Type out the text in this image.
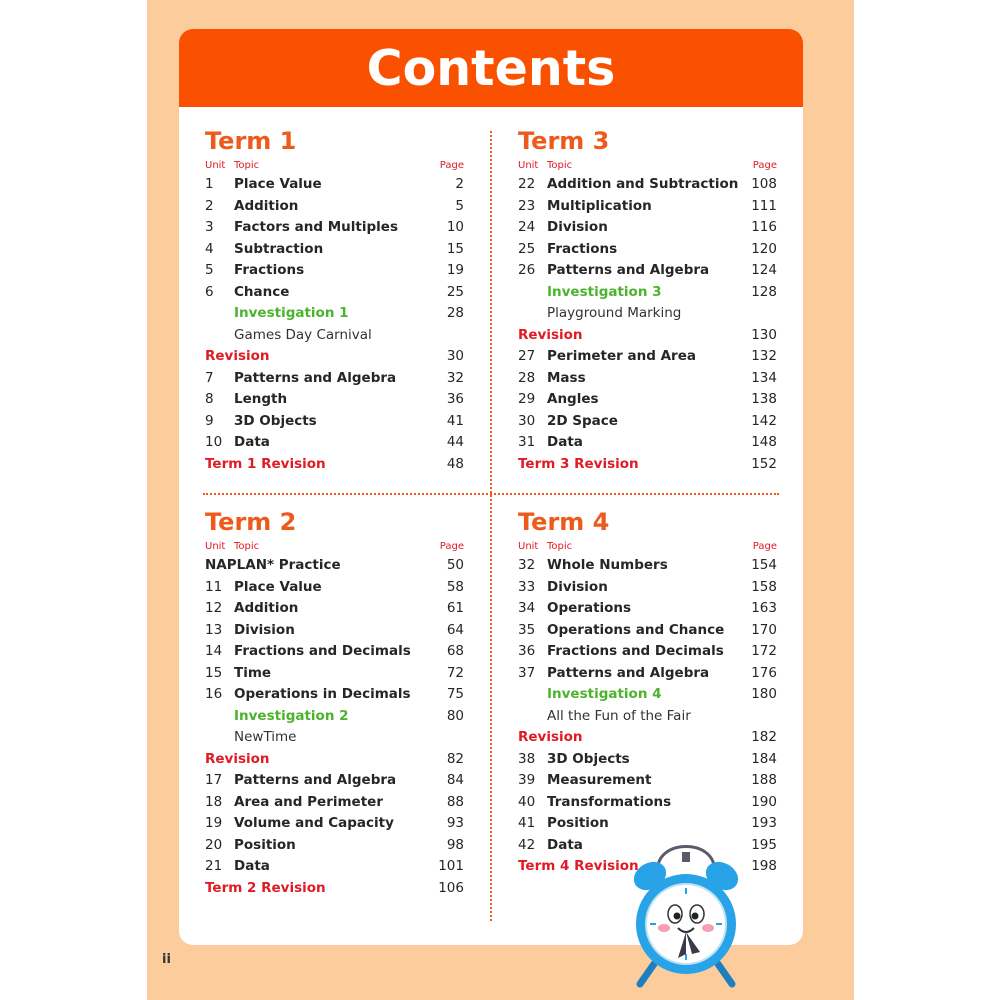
Contents
Term 1
Unit Topic	Page
1 Place Value	2
2 Addition	5
3 Factors and Multiples	10
4 Subtraction	15
5 Fractions	19
6 Chance	25
Investigation 1	28
Games Day Carnival
Revision	30
7 Patterns and Algebra	32
8 Length	36
9 3D Objects	41
10 Data	44
Term 1 Revision	48
Term 3
Unit Topic	Page
22 Addition and Subtraction 108
23 Multiplication	111
24 Division	116
25 Fractions	120
26 Patterns and Algebra	124
Investigation 3	128
Playground Marking
Revision	130
27 Perimeter and Area	132
28 Mass	134
29 Angles	138
30 2D Space	142
31 Data	148
Term 3 Revision	152
Term 2
Unit Topic	Page
NAPLAN* Practice	50
11 Place Value	58
12 Addition	61
13 Division	64
14 Fractions and Decimals	68
15 Time	72
16 Operations in Decimals	75
Investigation 2	80
NewTime
Revision	82
17 Patterns and Algebra	84
18 Area and Perimeter	88
19 Volume and Capacity	93
20 Position	98
21 Data	101
Term 2 Revision	106
Term 4
Unit Topic	Page
32 Whole Numbers	154
33 Division	158
34 Operations	163
35 Operations and Chance 170
36 Fractions and Decimals 172
37 Patterns and Algebra	176
Investigation 4	180
All the Fun of the Fair
Revision	182
38 3D Objects	184
39 Measurement	188
40 Transformations	190
41 Position	193
42 Data	195
Term 4 Revision	198
ii
